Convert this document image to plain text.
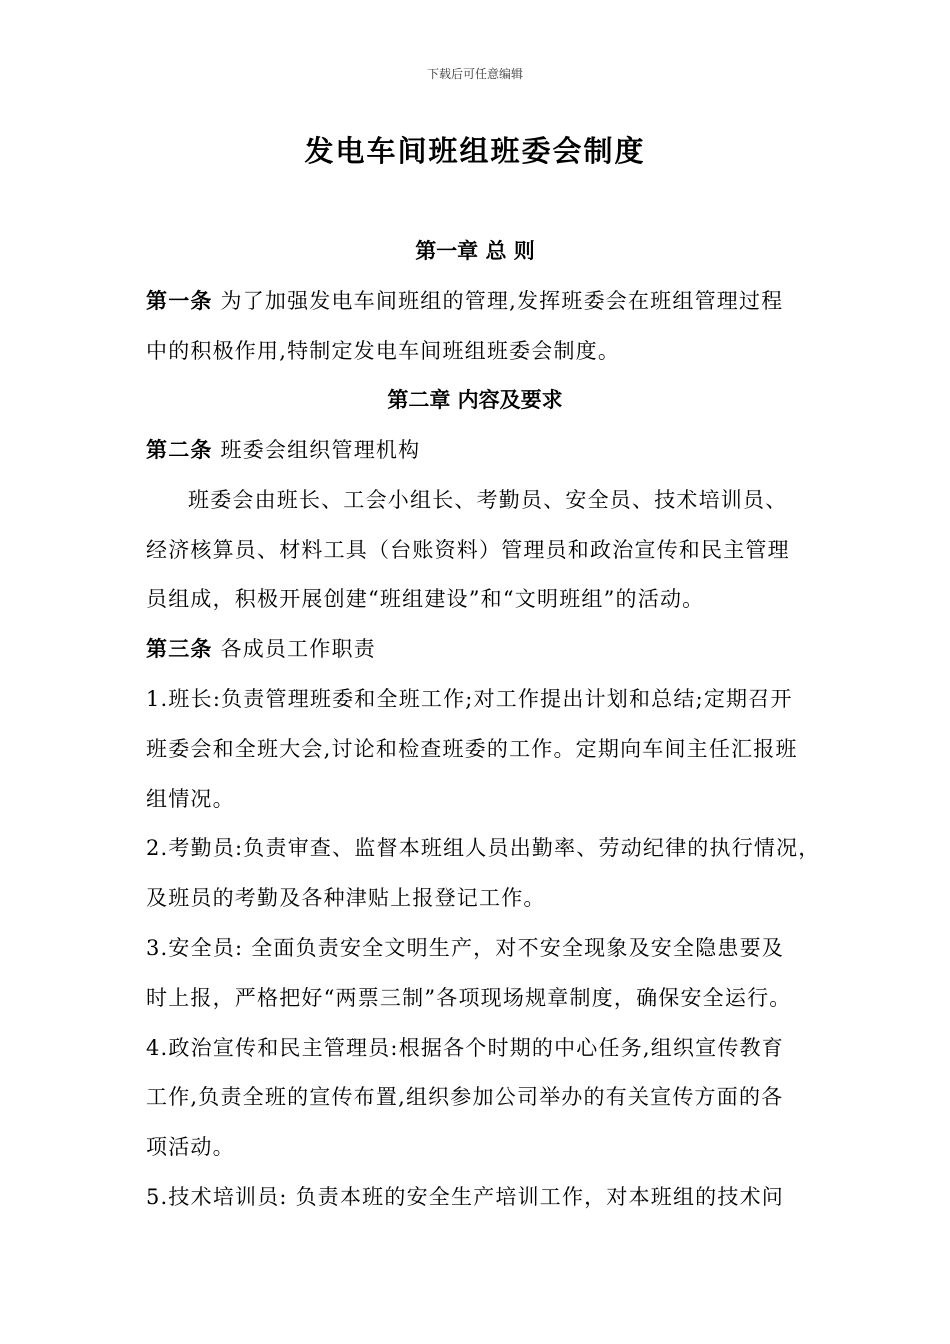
下载后可任意编辑
发电车间班组班委会制度
第一章 总 则
第一条 为了加强发电车间班组的管理,发挥班委会在班组管理过程
中的积极作用,特制定发电车间班组班委会制度。
第二章 内容及要求
第二条 班委会组织管理机构
班委会由班长、工会小组长、考勤员、安全员、技术培训员、
经济核算员、材料工具（台账资料）管理员和政治宣传和民主管理
员组成，积极开展创建“班组建设”和“文明班组”的活动。
第三条 各成员工作职责
1.班长:负责管理班委和全班工作;对工作提出计划和总结;定期召开
班委会和全班大会,讨论和检查班委的工作。定期向车间主任汇报班
组情况。
2.考勤员:负责审查、监督本班组人员出勤率、劳动纪律的执行情况，
及班员的考勤及各种津贴上报登记工作。
3.安全员: 全面负责安全文明生产，对不安全现象及安全隐患要及
时上报，严格把好“两票三制”各项现场规章制度，确保安全运行。
4.政治宣传和民主管理员:根据各个时期的中心任务,组织宣传教育
工作,负责全班的宣传布置,组织参加公司举办的有关宣传方面的各
项活动。
5.技术培训员: 负责本班的安全生产培训工作，对本班组的技术问
